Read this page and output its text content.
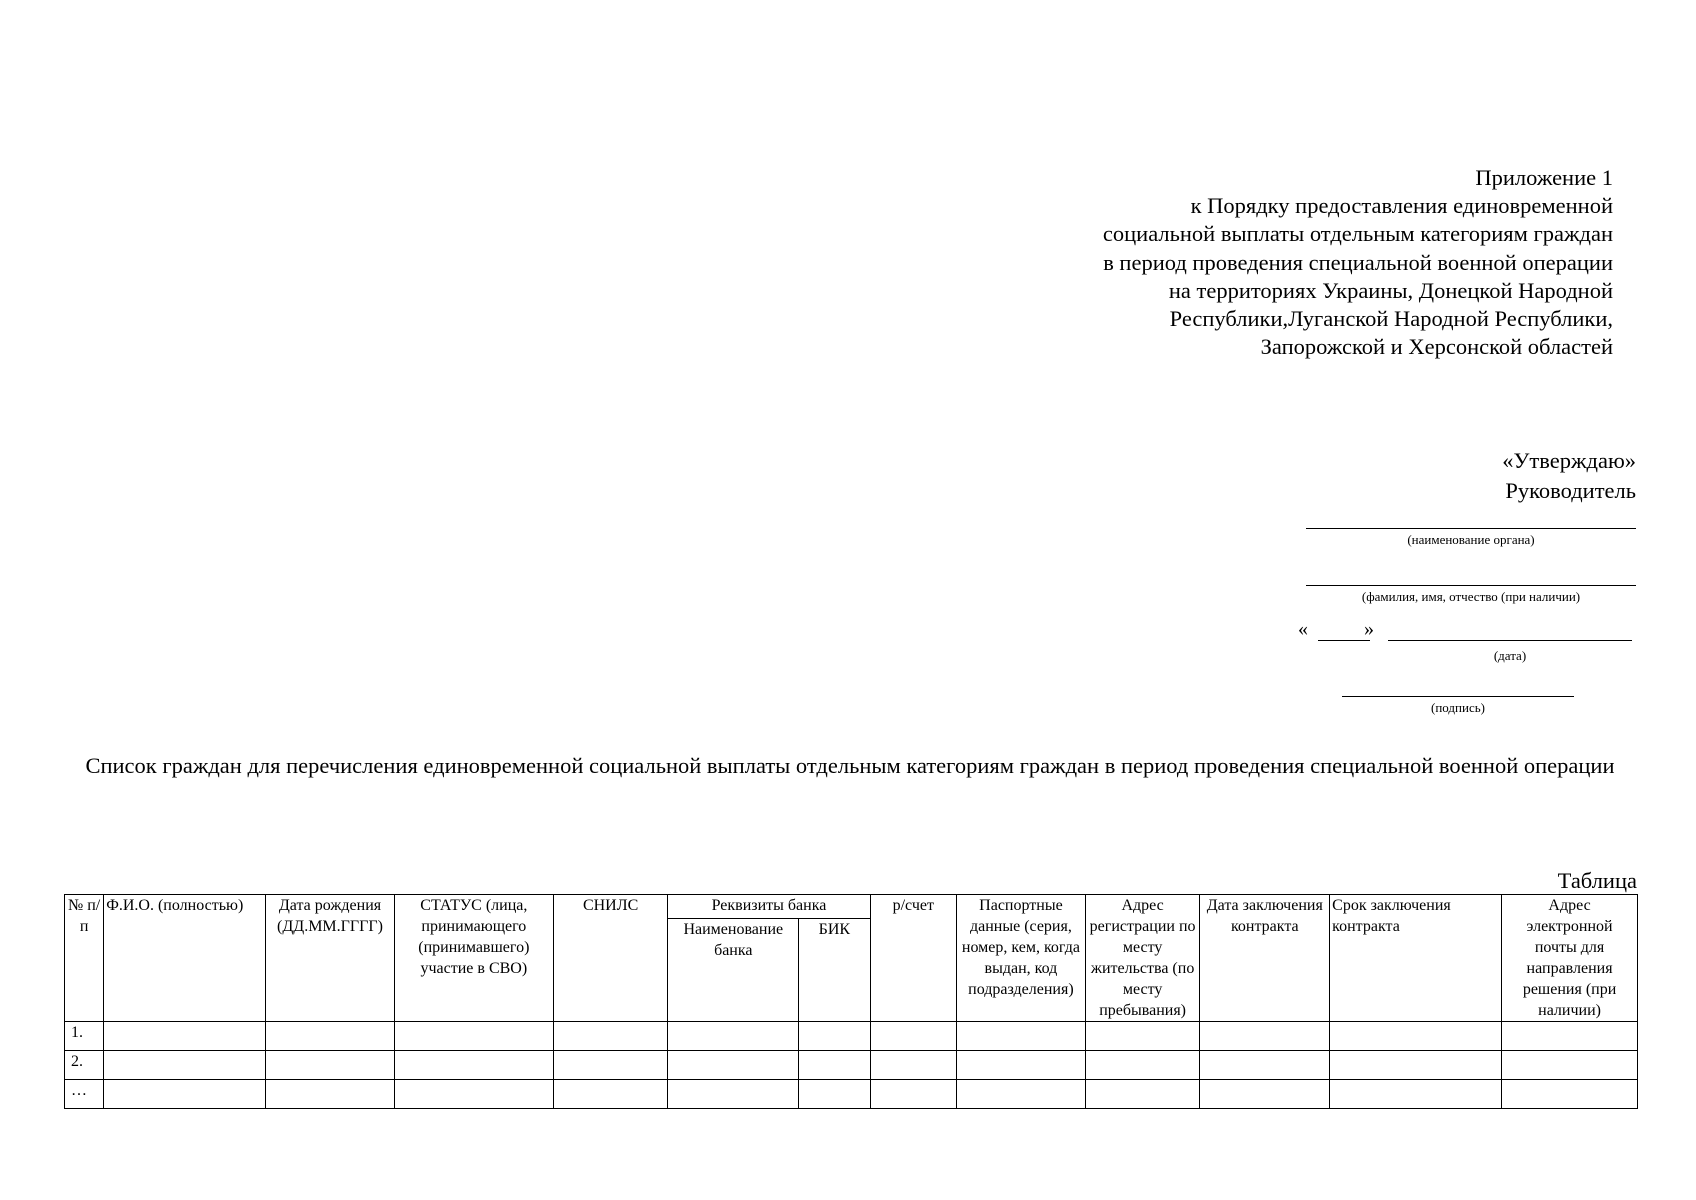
Приложение 1
к Порядку предоставления единовременной
социальной выплаты отдельным категориям граждан
в период проведения специальной военной операции
на территориях Украины, Донецкой Народной
Республики,Луганской Народной Республики,
Запорожской и Херсонской областей
«Утверждаю»
Руководитель
(наименование органа)
(фамилия, имя, отчество (при наличии)
«	»
(дата)
(подпись)
Список граждан для перечисления единовременной социальной выплаты отдельным категориям граждан в период проведения специальной военной операции
Таблица
№ п/п	Ф.И.О. (полностью)	Дата рождения (ДД.ММ.ГГГГ)	СТАТУС (лица, принимающего (принимавшего) участие в СВО)	СНИЛС	Реквизиты банка		р/счет	Паспортные данные (серия, номер, кем, когда выдан, код подразделения)	Адрес регистрации по месту жительства (по месту пребывания)	Дата заключения контракта	Срок заключения контракта	Адрес электронной почты для направления решения (при наличии)
					Наименование банка	БИК						
1.												
2.												
…												
